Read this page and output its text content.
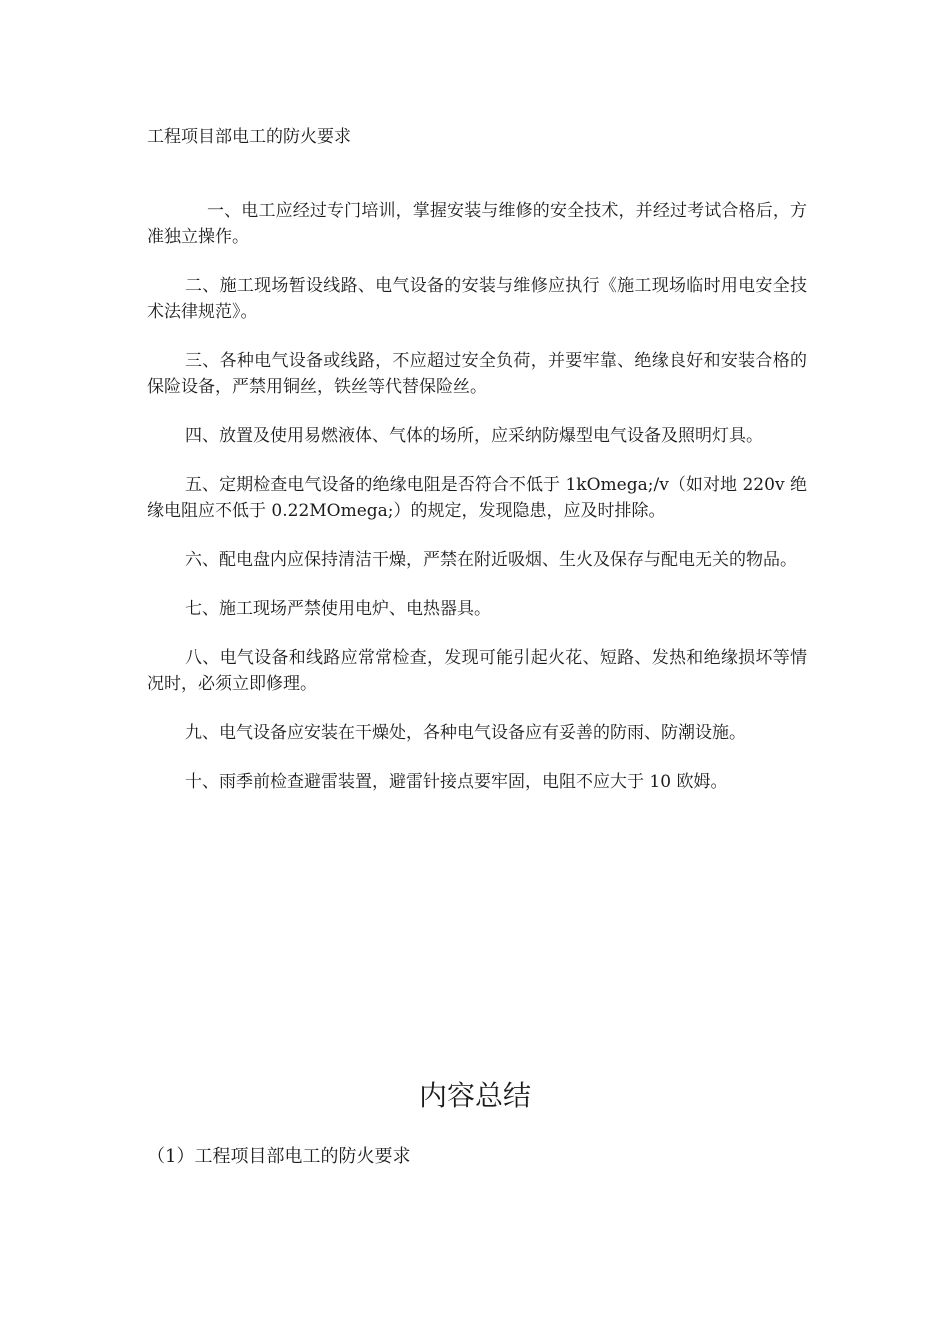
工程项目部电工的防火要求

一、电工应经过专门培训，掌握安装与维修的安全技术，并经过考试合格后，方准独立操作。

二、施工现场暂设线路、电气设备的安装与维修应执行《施工现场临时用电安全技术法律规范》。

三、各种电气设备或线路，不应超过安全负荷，并要牢靠、绝缘良好和安装合格的保险设备，严禁用铜丝，铁丝等代替保险丝。

四、放置及使用易燃液体、气体的场所，应采纳防爆型电气设备及照明灯具。

五、定期检查电气设备的绝缘电阻是否符合不低于 1kOmega;/v（如对地 220v 绝缘电阻应不低于 0.22MOmega;）的规定，发现隐患，应及时排除。

六、配电盘内应保持清洁干燥，严禁在附近吸烟、生火及保存与配电无关的物品。

七、施工现场严禁使用电炉、电热器具。

八、电气设备和线路应常常检查，发现可能引起火花、短路、发热和绝缘损坏等情况时，必须立即修理。

九、电气设备应安装在干燥处，各种电气设备应有妥善的防雨、防潮设施。

十、雨季前检查避雷装置，避雷针接点要牢固，电阻不应大于 10 欧姆。

内容总结
（1）工程项目部电工的防火要求
